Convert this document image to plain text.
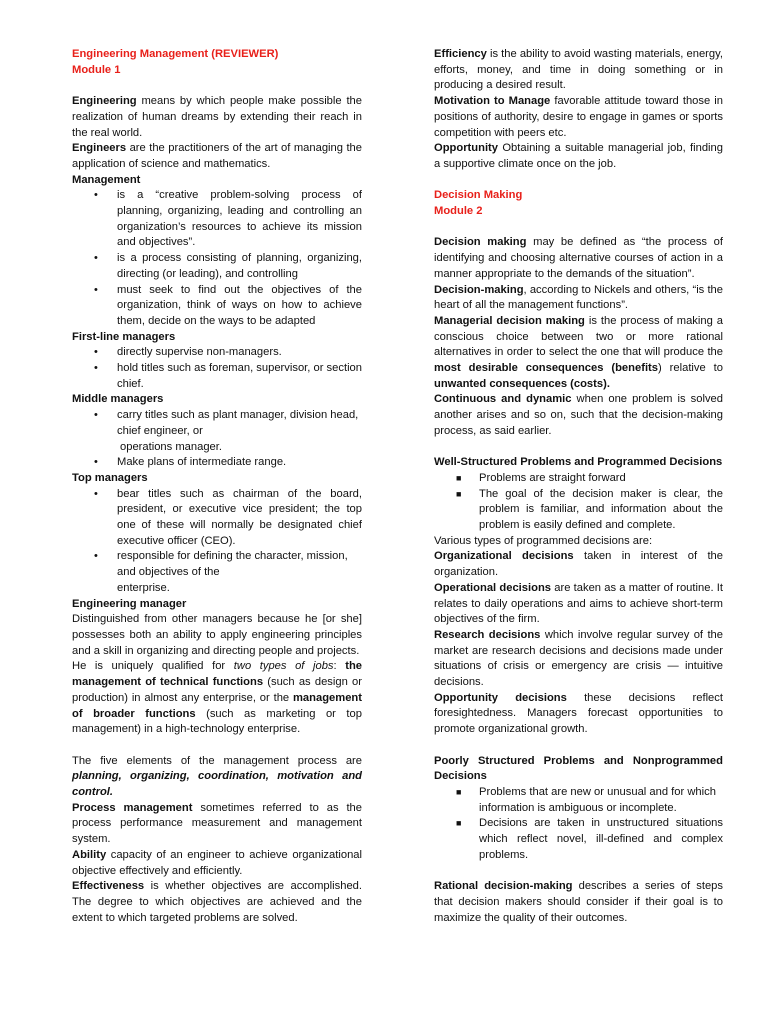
Engineering Management (REVIEWER)

Module 1

Engineering means by which people make possible the realization of human dreams by extending their reach in the real world.

Engineers are the practitioners of the art of managing the application of science and mathematics.

Management

• is a “creative problem-solving process of planning, organizing, leading and controlling an organization’s resources to achieve its mission and objectives”.
• is a process consisting of planning, organizing, directing (or leading), and controlling
• must seek to find out the objectives of the organization, think of ways on how to achieve them, decide on the ways to be adapted

First-line managers

• directly supervise non-managers.
• hold titles such as foreman, supervisor, or section chief.

Middle managers

• carry titles such as plant manager, division head, chief engineer, or

operations manager.

• Make plans of intermediate range.

Top managers

• bear titles such as chairman of the board, president, or executive vice president; the top one of these will normally be designated chief executive officer (CEO).
• responsible for defining the character, mission, and objectives of the

enterprise.

Engineering manager

Distinguished from other managers because he [or she] possesses both an ability to apply engineering principles and a skill in organizing and directing people and projects.

He is uniquely qualified for two types of jobs: the management of technical functions (such as design or production) in almost any enterprise, or the management of broader functions (such as marketing or top management) in a high-technology enterprise.

The five elements of the management process are planning, organizing, coordination, motivation and control.

Process management sometimes referred to as the process performance measurement and management system.

Ability capacity of an engineer to achieve organizational objective effectively and efficiently.

Effectiveness is whether objectives are accomplished. The degree to which objectives are achieved and the extent to which targeted problems are solved.

Efficiency is the ability to avoid wasting materials, energy, efforts, money, and time in doing something or in producing a desired result.

Motivation to Manage favorable attitude toward those in positions of authority, desire to engage in games or sports competition with peers etc.

Opportunity Obtaining a suitable managerial job, finding a supportive climate once on the job.

Decision Making

Module 2

Decision making may be defined as “the process of identifying and choosing alternative courses of action in a manner appropriate to the demands of the situation”.

Decision-making, according to Nickels and others, “is the heart of all the management functions”.

Managerial decision making is the process of making a conscious choice between two or more rational alternatives in order to select the one that will produce the most desirable consequences (benefits) relative to unwanted consequences (costs).

Continuous and dynamic when one problem is solved another arises and so on, such that the decision-making process, as said earlier.

Well-Structured Problems and Programmed Decisions

■ Problems are straight forward
■ The goal of the decision maker is clear, the problem is familiar, and information about the problem is easily defined and complete.

Various types of programmed decisions are:

Organizational decisions taken in interest of the organization.

Operational decisions are taken as a matter of routine. It relates to daily operations and aims to achieve short-term objectives of the firm.

Research decisions which involve regular survey of the market are research decisions and decisions made under situations of crisis or emergency are crisis — intuitive decisions.

Opportunity decisions these decisions reflect foresightedness. Managers forecast opportunities to promote organizational growth.

Poorly Structured Problems and Nonprogrammed Decisions

■ Problems that are new or unusual and for which information is ambiguous or incomplete.
■ Decisions are taken in unstructured situations which reflect novel, ill-defined and complex problems.

Rational decision-making describes a series of steps that decision makers should consider if their goal is to maximize the quality of their outcomes.
